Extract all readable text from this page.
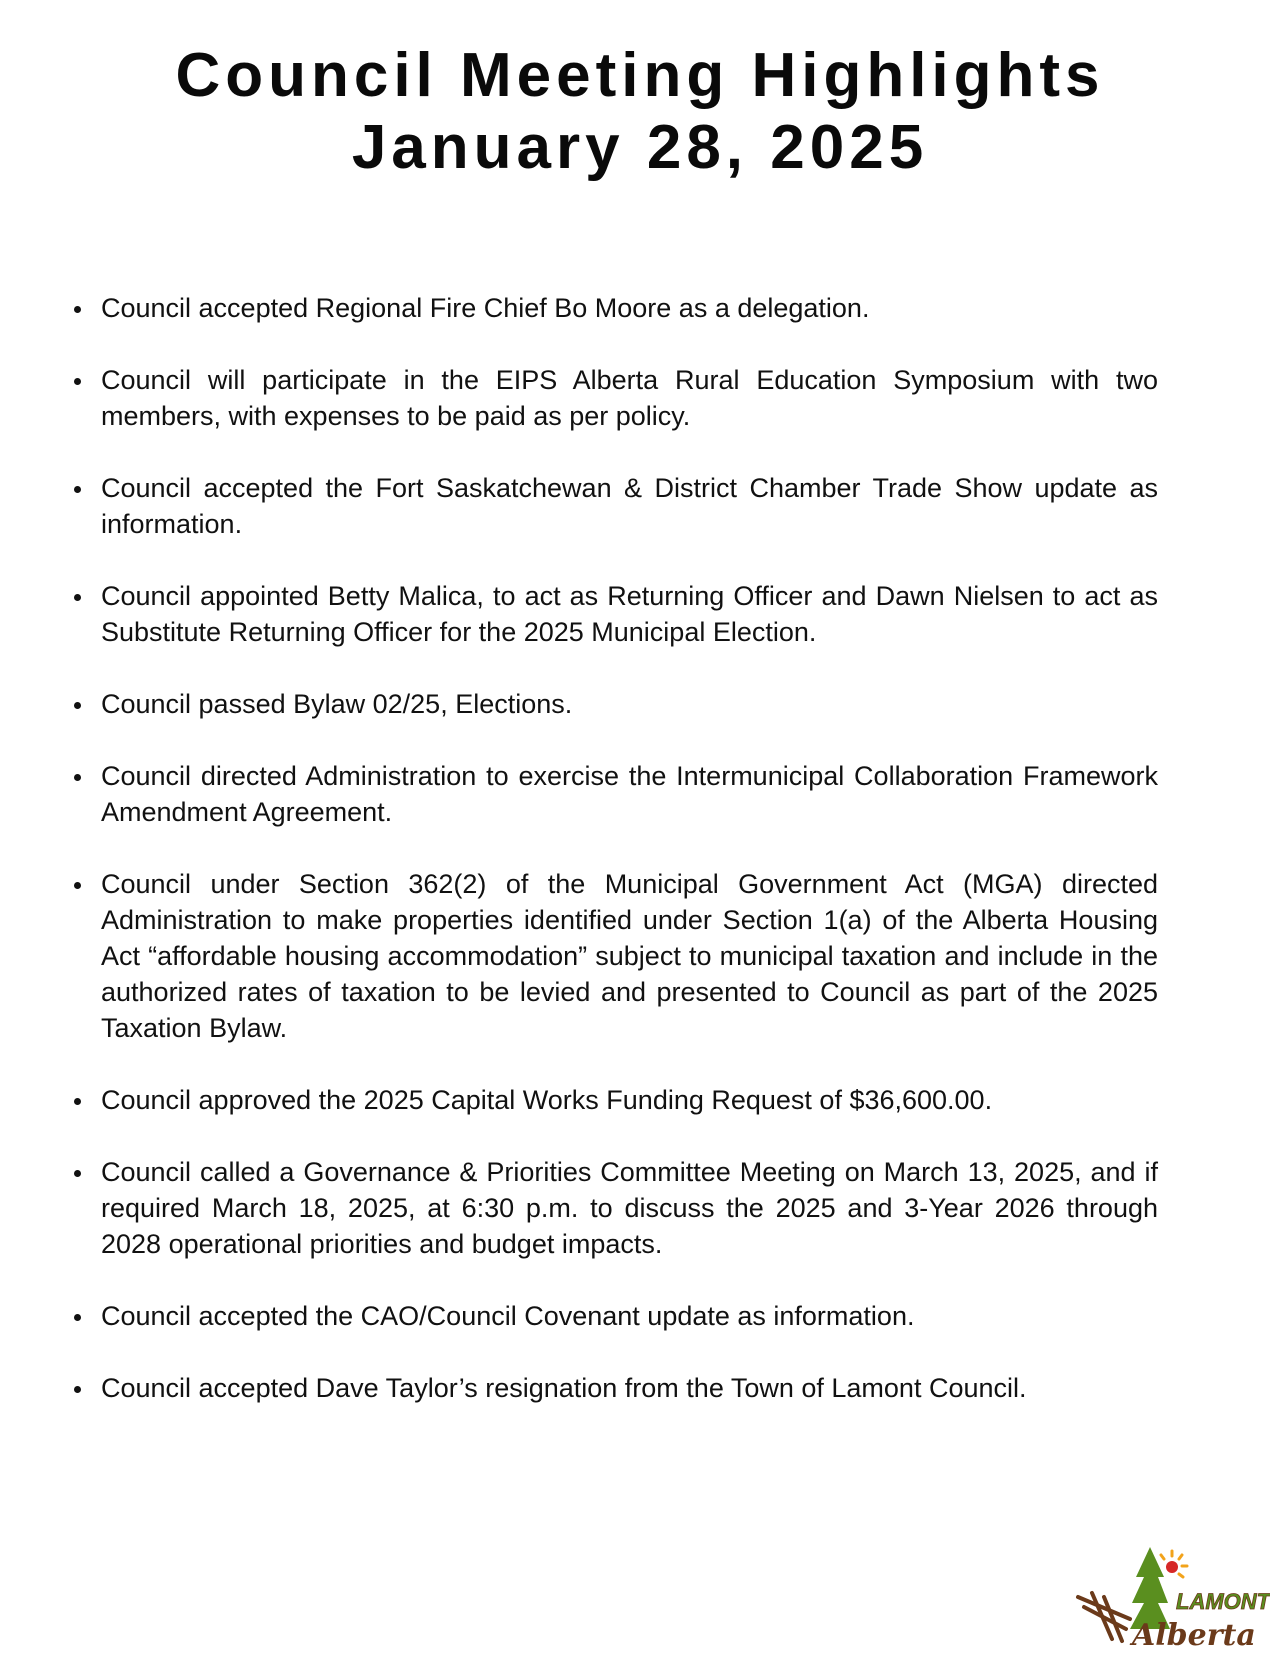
Council Meeting Highlights
January 28, 2025
Council accepted Regional Fire Chief Bo Moore as a delegation.
Council will participate in the EIPS Alberta Rural Education Symposium with two members, with expenses to be paid as per policy.
Council accepted the Fort Saskatchewan & District Chamber Trade Show update as information.
Council appointed Betty Malica, to act as Returning Officer and Dawn Nielsen to act as Substitute Returning Officer for the 2025 Municipal Election.
Council passed Bylaw 02/25, Elections.
Council directed Administration to exercise the Intermunicipal Collaboration Framework Amendment Agreement.
Council under Section 362(2) of the Municipal Government Act (MGA) directed Administration to make properties identified under Section 1(a) of the Alberta Housing Act “affordable housing accommodation” subject to municipal taxation and include in the authorized rates of taxation to be levied and presented to Council as part of the 2025 Taxation Bylaw.
Council approved the 2025 Capital Works Funding Request of $36,600.00.
Council called a Governance & Priorities Committee Meeting on March 13, 2025, and if required March 18, 2025, at 6:30 p.m. to discuss the 2025 and 3-Year 2026 through 2028 operational priorities and budget impacts.
Council accepted the CAO/Council Covenant update as information.
Council accepted Dave Taylor’s resignation from the Town of Lamont Council.
LAMONT
Alberta
